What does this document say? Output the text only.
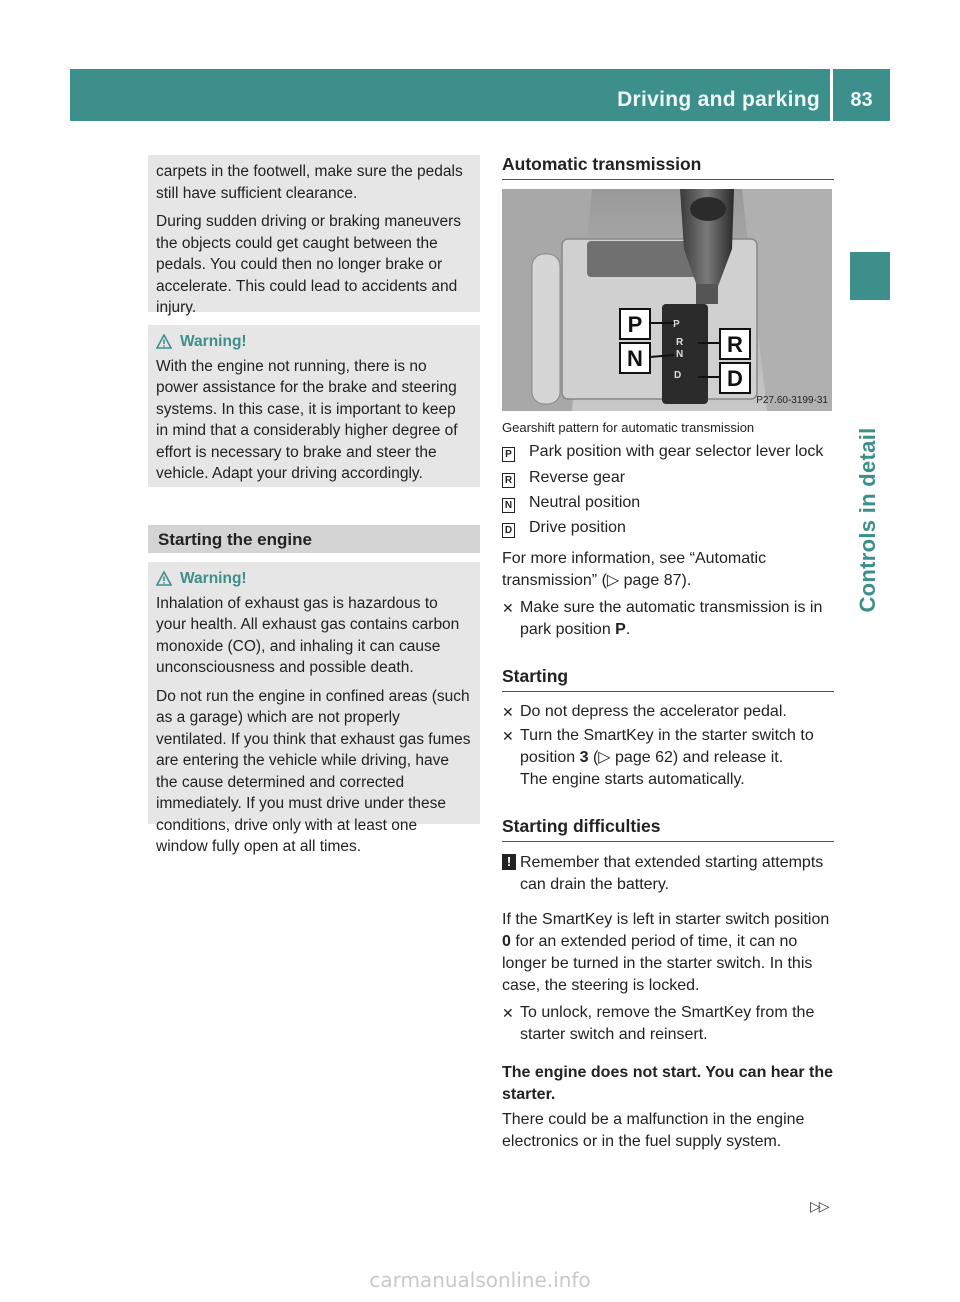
Driving and parking	83
Controls in detail

carpets in the footwell, make sure the pedals still have sufficient clearance.

During sudden driving or braking maneuvers the objects could get caught between the pedals. You could then no longer brake or accelerate. This could lead to accidents and injury.

Warning!

With the engine not running, there is no power assistance for the brake and steering systems. In this case, it is important to keep in mind that a considerably higher degree of effort is necessary to brake and steer the vehicle. Adapt your driving accordingly.

Starting the engine
Warning!

Inhalation of exhaust gas is hazardous to your health. All exhaust gas contains carbon monoxide (CO), and inhaling it can cause unconsciousness and possible death.

Do not run the engine in confined areas (such as a garage) which are not properly ventilated. If you think that exhaust gas fumes are entering the vehicle while driving, have the cause determined and corrected immediately. If you must drive under these conditions, drive only with at least one window fully open at all times.

Automatic transmission
P
R
N
D
P
N
R
D
P27.60-3199-31
Gearshift pattern for automatic transmission
P Park position with gear selector lever lock
R Reverse gear
N Neutral position
D Drive position
For more information, see “Automatic transmission” (▷ page 87).
✕ Make sure the automatic transmission is in park position P.
Starting
✕ Do not depress the accelerator pedal.
✕ Turn the SmartKey in the starter switch to position 3 (▷ page 62) and release it.
The engine starts automatically.
Starting difficulties
! Remember that extended starting attempts can drain the battery.
If the SmartKey is left in starter switch position 0 for an extended period of time, it can no longer be turned in the starter switch. In this case, the steering is locked.
✕ To unlock, remove the SmartKey from the starter switch and reinsert.
The engine does not start. You can hear the starter.
There could be a malfunction in the engine electronics or in the fuel supply system.
▷▷
carmanualsonline.info
